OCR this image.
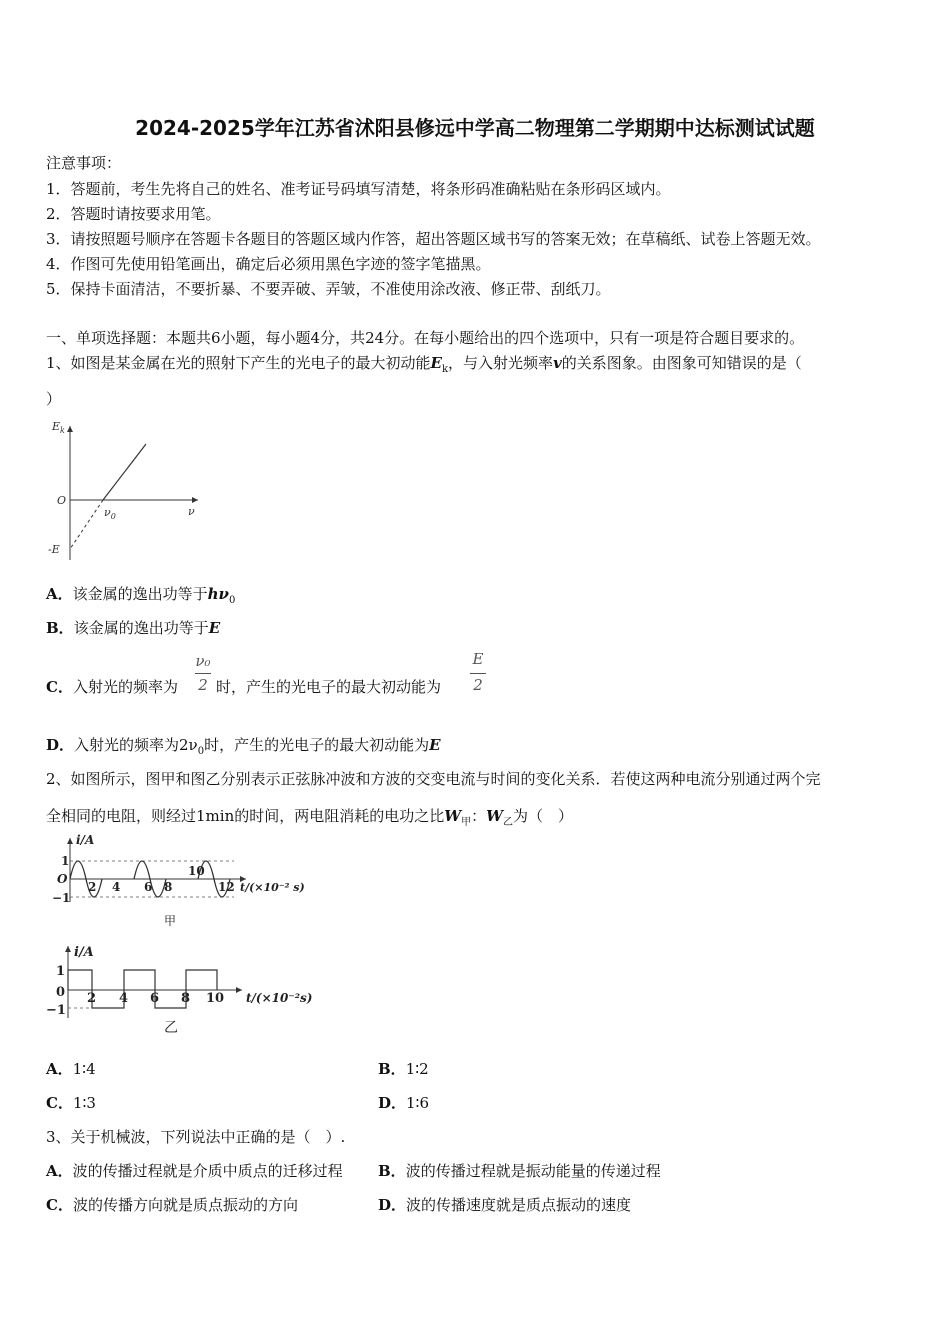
2024-2025学年江苏省沭阳县修远中学高二物理第二学期期中达标测试试题
注意事项：
1．答题前，考生先将自己的姓名、准考证号码填写清楚，将条形码准确粘贴在条形码区域内。
2．答题时请按要求用笔。
3．请按照题号顺序在答题卡各题目的答题区域内作答，超出答题区域书写的答案无效；在草稿纸、试卷上答题无效。
4．作图可先使用铅笔画出，确定后必须用黑色字迹的签字笔描黑。
5．保持卡面清洁，不要折暴、不要弄破、弄皱，不准使用涂改液、修正带、刮纸刀。
一、单项选择题：本题共6小题，每小题4分，共24分。在每小题给出的四个选项中，只有一项是符合题目要求的。
1、如图是某金属在光的照射下产生的光电子的最大初动能$E_k$，与入射光频率v的关系图象。由图象可知错误的是（
）
$E_k$
O
ν
$\nu_0$
-E
A．该金属的逸出功等于$h\nu_0$
B．该金属的逸出功等于E
C．入射光的频率为
ν₀
2 时，产生的光电子的最大初动能为
E
2
D．入射光的频率为$2\nu_0$时，产生的光电子的最大初动能为E
2、如图所示，图甲和图乙分别表示正弦脉冲波和方波的交变电流与时间的变化关系．若使这两种电流分别通过两个完
全相同的电阻，则经过1min的时间，两电阻消耗的电功之比$W_甲$：$W_乙$为（　）
i/A
1
O
−1
2 4 6 8
10
12 t/(×10⁻² s)
甲
i/A
1
0
−1
2 4 6 8 10 t/(×10⁻²s)
乙
A．1∶4	B．1∶2
C．1∶3	D．1∶6
3、关于机械波，下列说法中正确的是（　）.
A．波的传播过程就是介质中质点的迁移过程 B．波的传播过程就是振动能量的传递过程
C．波的传播方向就是质点振动的方向	D．波的传播速度就是质点振动的速度
